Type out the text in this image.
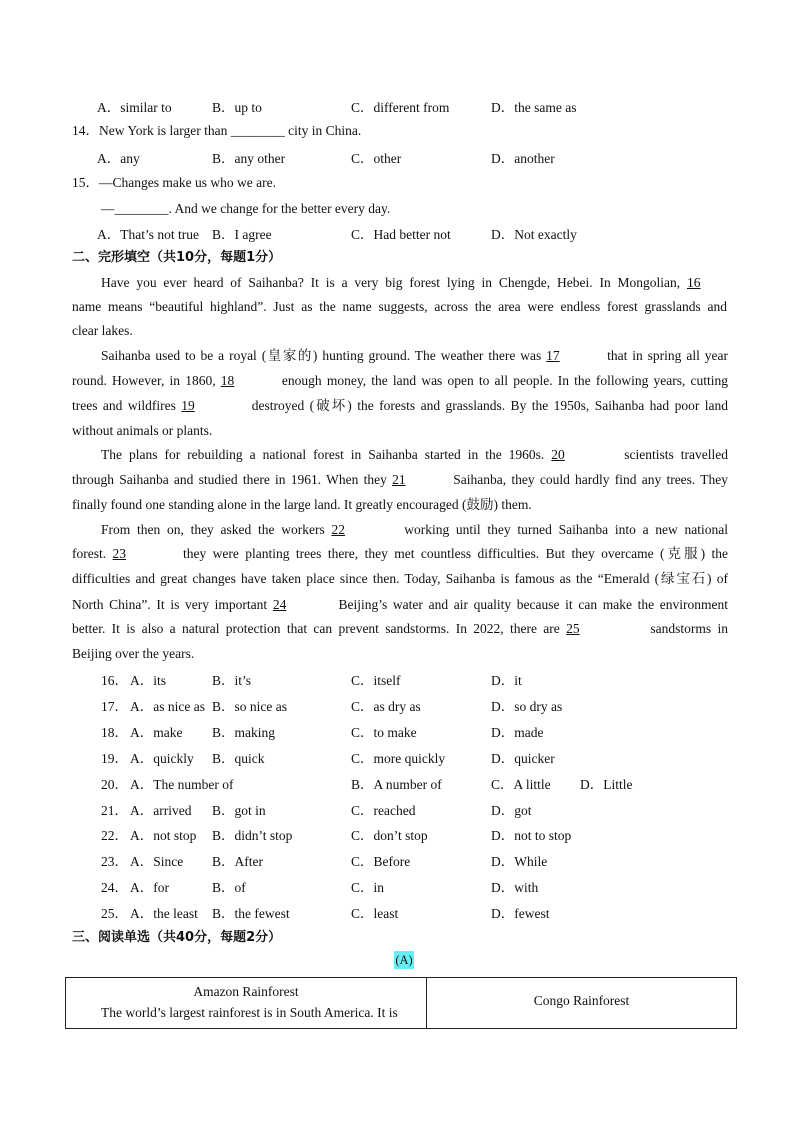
A．similar to	B．up to	C．different from	D．the same as
14．New York is larger than ________ city in China.
A．any	B．any other	C．other	D．another
15．—Changes make us who we are.
—________. And we change for the better every day.
A．That’s not true B．I agree	C．Had better not	D．Not exactly
二、完形填空（共10分，每题1分）
Have you ever heard of Saihanba? It is a very big forest lying in Chengde, Hebei. In Mongolian, 16
name means “beautiful highland”. Just as the name suggests, across the area were endless forest grasslands and
clear lakes.
Saihanba used to be a royal (皇家的) hunting ground. The weather there was 17	that in spring all year
round. However, in 1860, 18	enough money, the land was open to all people. In the following years, cutting
trees and wildfires 19	destroyed (破坏) the forests and grasslands. By the 1950s, Saihanba had poor land
without animals or plants.
The plans for rebuilding a national forest in Saihanba started in the 1960s. 20	scientists travelled
through Saihanba and studied there in 1961. When they 21	Saihanba, they could hardly find any trees. They
finally found one standing alone in the large land. It greatly encouraged (鼓励) them.
From then on, they asked the workers 22	working until they turned Saihanba into a new national
forest. 23	they were planting trees there, they met countless difficulties. But they overcame (克服) the
difficulties and great changes have taken place since then. Today, Saihanba is famous as the “Emerald (绿宝石) of
North China”. It is very important 24	Beijing’s water and air quality because it can make the environment
better. It is also a natural protection that can prevent sandstorms. In 2022, there are 25	sandstorms in
Beijing over the years.
16． A．its	B．it’s	C．itself	D．it
17． A．as nice as B．so nice as	C．as dry as	D．so dry as
18． A．make B．making	C．to make	D．made
19． A．quickly B．quick	C．more quickly	D．quicker
20． A．The number of	B．A number of	C．A little D．Little
21． A．arrived B．got in	C．reached	D．got
22． A．not stop B．didn’t stop	C．don’t stop	D．not to stop
23． A．Since B．After	C．Before	D．While
24． A．for	B．of	C．in	D．with
25． A．the least B．the fewest	C．least	D．fewest
三、阅读单选（共40分，每题2分）
(A)
Amazon Rainforest
The world’s largest rainforest is in South America. It is

Congo Rainforest
